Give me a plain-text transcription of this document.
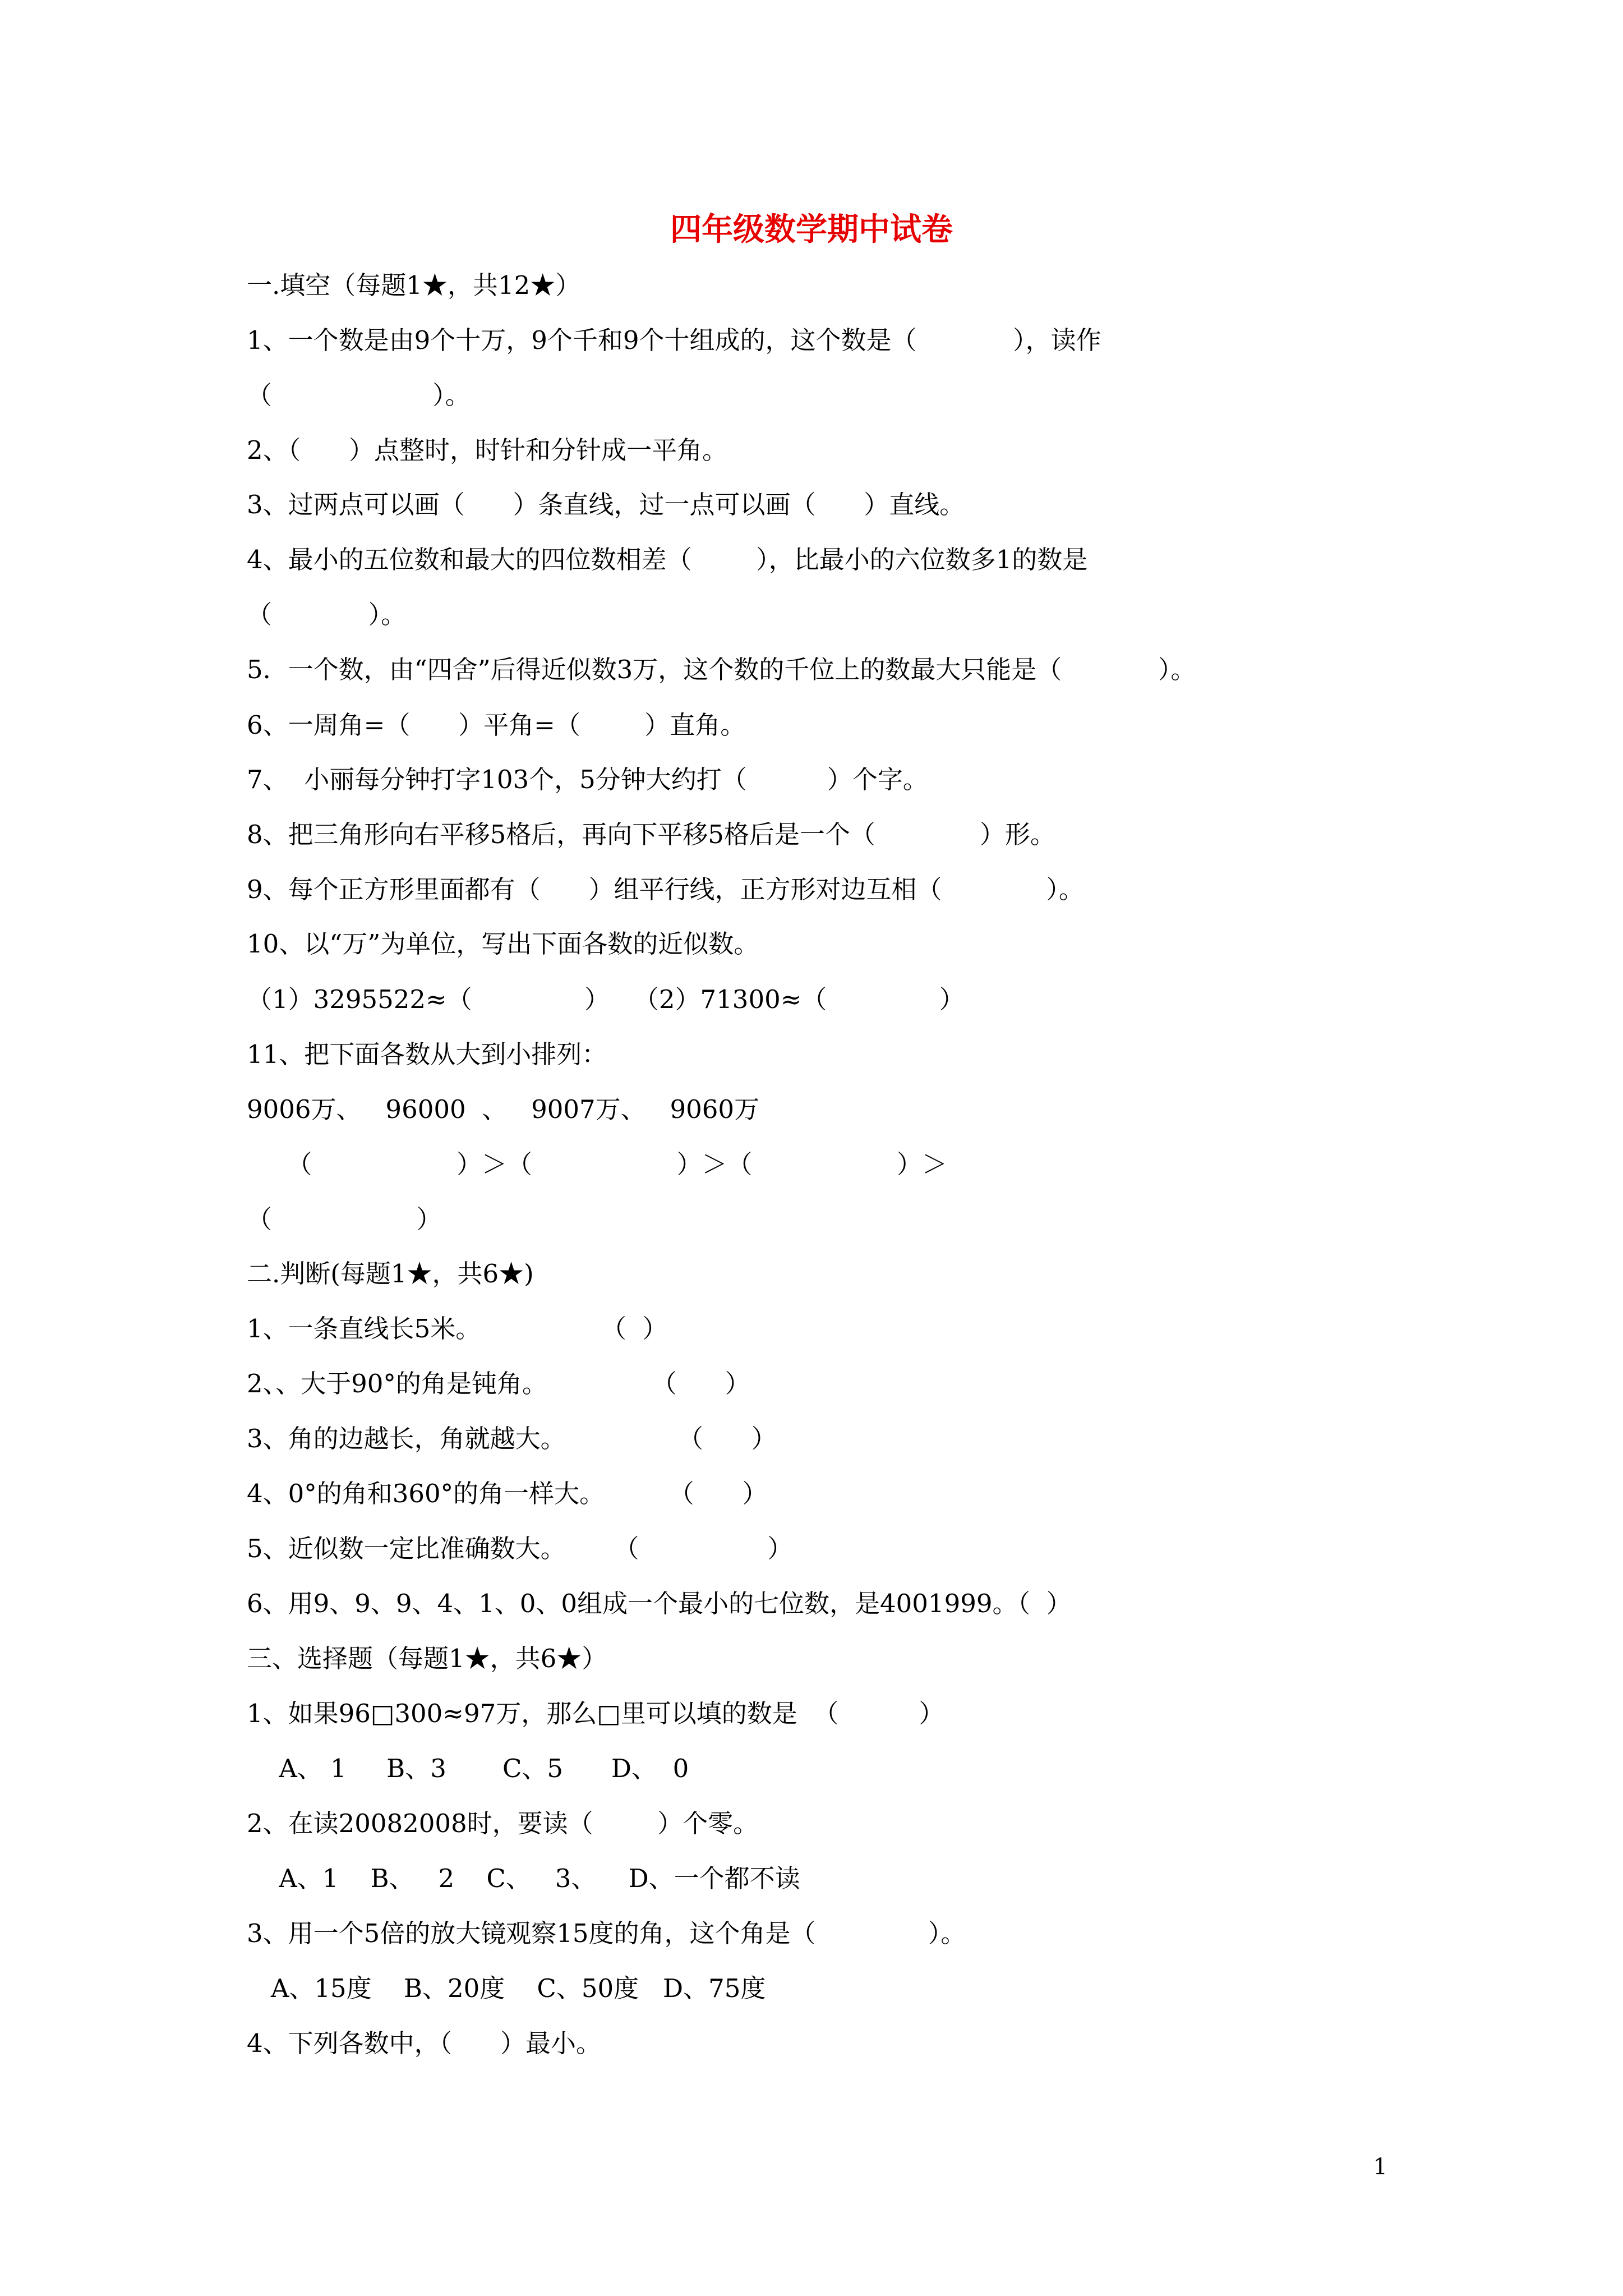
四年级数学期中试卷
一.填空（每题1★，共12★）
1、一个数是由9个十万，9个千和9个十组成的，这个数是（            ），读作
（                    ）。
2、（      ）点整时，时针和分针成一平角。
3、过两点可以画（      ）条直线，过一点可以画（      ）直线。
4、最小的五位数和最大的四位数相差（        ），比最小的六位数多1的数是
（            ）。
5．一个数，由“四舍”后得近似数3万，这个数的千位上的数最大只能是（            ）。
6、一周角=（      ）平角=（        ）直角。
7、  小丽每分钟打字103个，5分钟大约打（          ）个字。
8、把三角形向右平移5格后，再向下平移5格后是一个（             ）形。
9、每个正方形里面都有（      ）组平行线，正方形对边互相（             ）。
10、以“万”为单位，写出下面各数的近似数。
（1）3295522≈（              ）   （2）71300≈（              ）
11、把下面各数从大到小排列：
9006万、   96000  、   9007万、   9060万
（                  ）＞（                  ）＞（                  ）＞
（                  ）
二.判断(每题1★，共6★)
1、一条直线长5米。               （  ）
2、、大于90°的角是钝角。             （      ）
3、角的边越长，角就越大。              （      ）
4、0°的角和360°的角一样大。        （      ）
5、近似数一定比准确数大。      （                ）
6、用9、9、9、4、1、0、0组成一个最小的七位数，是4001999。（  ）
三、选择题（每题1★，共6★）
1、如果96□300≈97万，那么□里可以填的数是  （          ）
A、 1     B、3       C、5      D、  0
2、在读20082008时，要读（        ）个零。
A、1    B、   2    C、   3、    D、一个都不读
3、用一个5倍的放大镜观察15度的角，这个角是（              ）。
A、15度    B、20度    C、50度   D、75度
4、下列各数中，（      ）最小。
1
